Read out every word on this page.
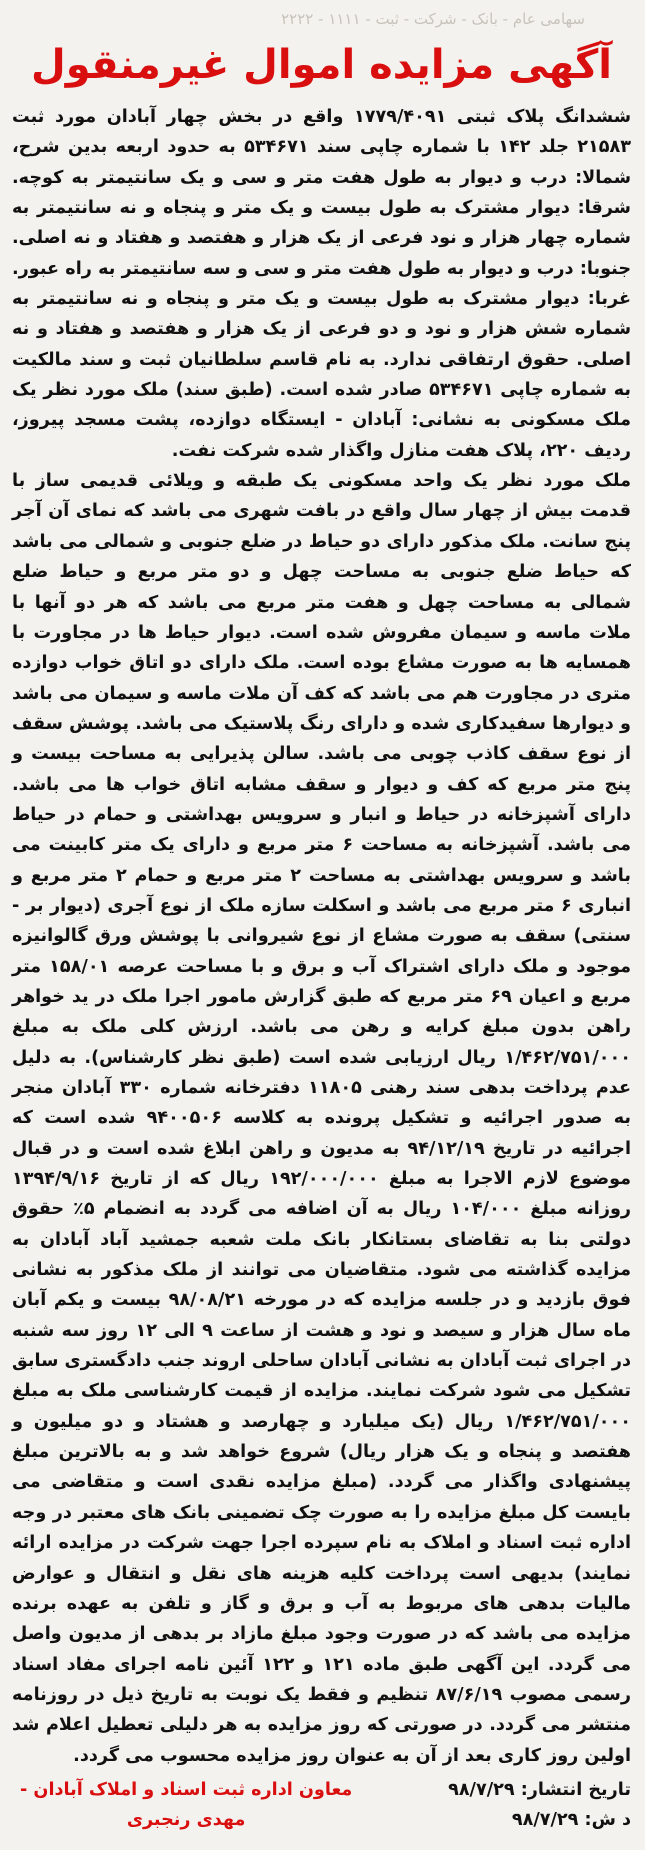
سهامی عام - بانک - شرکت - ثبت - ۱۱۱۱ - ۲۲۲۲
آگهی مزایده اموال غیرمنقول

ششدانگ پلاک ثبتی ۱۷۷۹/۴۰۹۱ واقع در بخش چهار آبادان مورد ثبت ۲۱۵۸۳ جلد ۱۴۲ با شماره چاپی سند ۵۳۴۶۷۱ به حدود اربعه بدین شرح، شمالا: درب و دیوار به طول هفت متر و سی و یک سانتیمتر به کوچه. شرقا: دیوار مشترک به طول بیست و یک متر و پنجاه و نه سانتیمتر به شماره چهار هزار و نود فرعی از یک هزار و هفتصد و هفتاد و نه اصلی. جنوبا: درب و دیوار به طول هفت متر و سی و سه سانتیمتر به راه عبور. غربا: دیوار مشترک به طول بیست و یک متر و پنجاه و نه سانتیمتر به شماره شش هزار و نود و دو فرعی از یک هزار و هفتصد و هفتاد و نه اصلی. حقوق ارتفاقی ندارد. به نام قاسم سلطانیان ثبت و سند مالکیت به شماره چاپی ۵۳۴۶۷۱ صادر شده است. (طبق سند) ملک مورد نظر یک ملک مسکونی به نشانی: آبادان - ایستگاه دوازده، پشت مسجد پیروز، ردیف ۲۲۰، پلاک هفت منازل واگذار شده شرکت نفت.

ملک مورد نظر یک واحد مسکونی یک طبقه و ویلائی قدیمی ساز با قدمت بیش از چهار سال واقع در بافت شهری می باشد که نمای آن آجر پنج سانت. ملک مذکور دارای دو حیاط در ضلع جنوبی و شمالی می باشد که حیاط ضلع جنوبی به مساحت چهل و دو متر مربع و حیاط ضلع شمالی به مساحت چهل و هفت متر مربع می باشد که هر دو آنها با ملات ماسه و سیمان مفروش شده است. دیوار حیاط ها در مجاورت با همسایه ها به صورت مشاع بوده است. ملک دارای دو اتاق خواب دوازده متری در مجاورت هم می باشد که کف آن ملات ماسه و سیمان می باشد و دیوارها سفیدکاری شده و دارای رنگ پلاستیک می باشد. پوشش سقف از نوع سقف کاذب چوبی می باشد. سالن پذیرایی به مساحت بیست و پنج متر مربع که کف و دیوار و سقف مشابه اتاق خواب ها می باشد. دارای آشپزخانه در حیاط و انبار و سرویس بهداشتی و حمام در حیاط می باشد. آشپزخانه به مساحت ۶ متر مربع و دارای یک متر کابینت می باشد و سرویس بهداشتی به مساحت ۲ متر مربع و حمام ۲ متر مربع و انباری ۶ متر مربع می باشد و اسکلت سازه ملک از نوع آجری (دیوار بر - سنتی) سقف به صورت مشاع از نوع شیروانی با پوشش ورق گالوانیزه موجود و ملک دارای اشتراک آب و برق و با مساحت عرصه ۱۵۸/۰۱ متر مربع و اعیان ۶۹ متر مربع که طبق گزارش مامور اجرا ملک در ید خواهر راهن بدون مبلغ کرایه و رهن می باشد. ارزش کلی ملک به مبلغ ۱/۴۶۲/۷۵۱/۰۰۰ ریال ارزیابی شده است (طبق نظر کارشناس). به دلیل عدم پرداخت بدهی سند رهنی ۱۱۸۰۵ دفترخانه شماره ۳۳۰ آبادان منجر به صدور اجرائیه و تشکیل پرونده به کلاسه ۹۴۰۰۵۰۶ شده است که اجرائیه در تاریخ ۹۴/۱۲/۱۹ به مدیون و راهن ابلاغ شده است و در قبال موضوع لازم الاجرا به مبلغ ۱۹۲/۰۰۰/۰۰۰ ریال که از تاریخ ۱۳۹۴/۹/۱۶ روزانه مبلغ ۱۰۴/۰۰۰ ریال به آن اضافه می گردد به انضمام ۵٪ حقوق دولتی بنا به تقاضای بستانکار بانک ملت شعبه جمشید آباد آبادان به مزایده گذاشته می شود. متقاضیان می توانند از ملک مذکور به نشانی فوق بازدید و در جلسه مزایده که در مورخه ۹۸/۰۸/۲۱ بیست و یکم آبان ماه سال هزار و سیصد و نود و هشت از ساعت ۹ الی ۱۲ روز سه شنبه در اجرای ثبت آبادان به نشانی آبادان ساحلی اروند جنب دادگستری سابق تشکیل می شود شرکت نمایند. مزایده از قیمت کارشناسی ملک به مبلغ ۱/۴۶۲/۷۵۱/۰۰۰ ریال (یک میلیارد و چهارصد و هشتاد و دو میلیون و هفتصد و پنجاه و یک هزار ریال) شروع خواهد شد و به بالاترین مبلغ پیشنهادی واگذار می گردد. (مبلغ مزایده نقدی است و متقاضی می بایست کل مبلغ مزایده را به صورت چک تضمینی بانک های معتبر در وجه اداره ثبت اسناد و املاک به نام سپرده اجرا جهت شرکت در مزایده ارائه نمایند) بدیهی است پرداخت کلیه هزینه های نقل و انتقال و عوارض مالیات بدهی های مربوط به آب و برق و گاز و تلفن به عهده برنده مزایده می باشد که در صورت وجود مبلغ مازاد بر بدهی از مدیون واصل می گردد. این آگهی طبق ماده ۱۲۱ و ۱۲۲ آئین نامه اجرای مفاد اسناد رسمی مصوب ۸۷/۶/۱۹ تنظیم و فقط یک نوبت به تاریخ ذیل در روزنامه منتشر می گردد. در صورتی که روز مزایده به هر دلیلی تعطیل اعلام شد اولین روز کاری بعد از آن به عنوان روز مزایده محسوب می گردد.

تاریخ انتشار: ۹۸/۷/۲۹
د ش: ۹۸/۷/۲۹
معاون اداره ثبت اسناد و املاک آبادان -
مهدی رنجبری
